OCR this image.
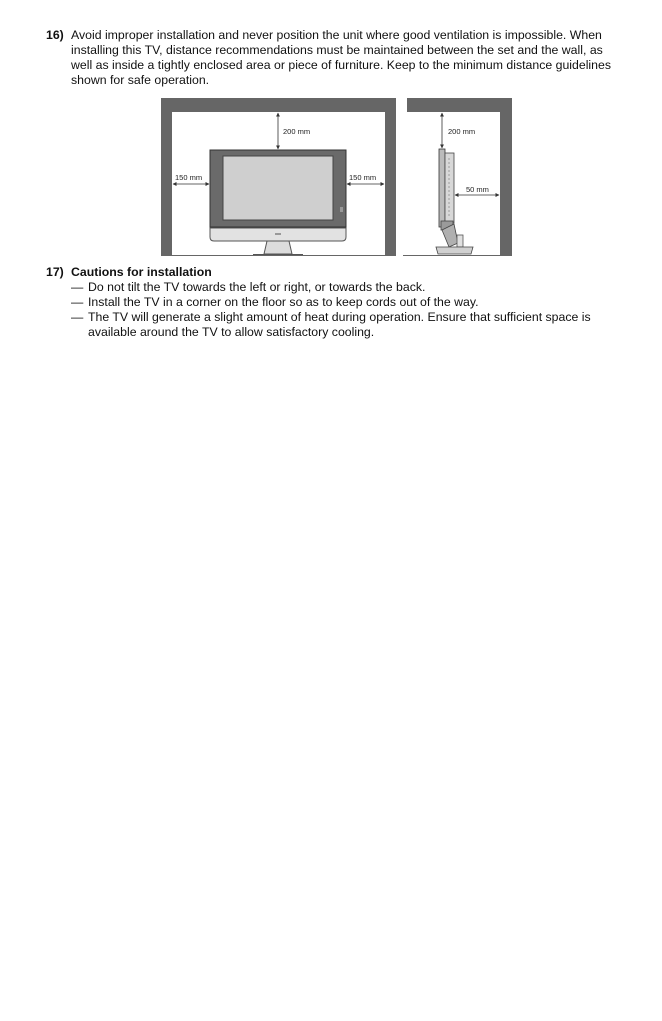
16) Avoid improper installation and never position the unit where good ventilation is impossible. When installing this TV, distance recommendations must be maintained between the set and the wall, as well as inside a tightly enclosed area or piece of furniture. Keep to the minimum distance guidelines shown for safe operation.
200 mm
150 mm	150 mm
200 mm
50 mm
17) Cautions for installation
— Do not tilt the TV towards the left or right, or towards the back.
— Install the TV in a corner on the floor so as to keep cords out of the way.
— The TV will generate a slight amount of heat during operation. Ensure that sufficient space is available around the TV to allow satisfactory cooling.
